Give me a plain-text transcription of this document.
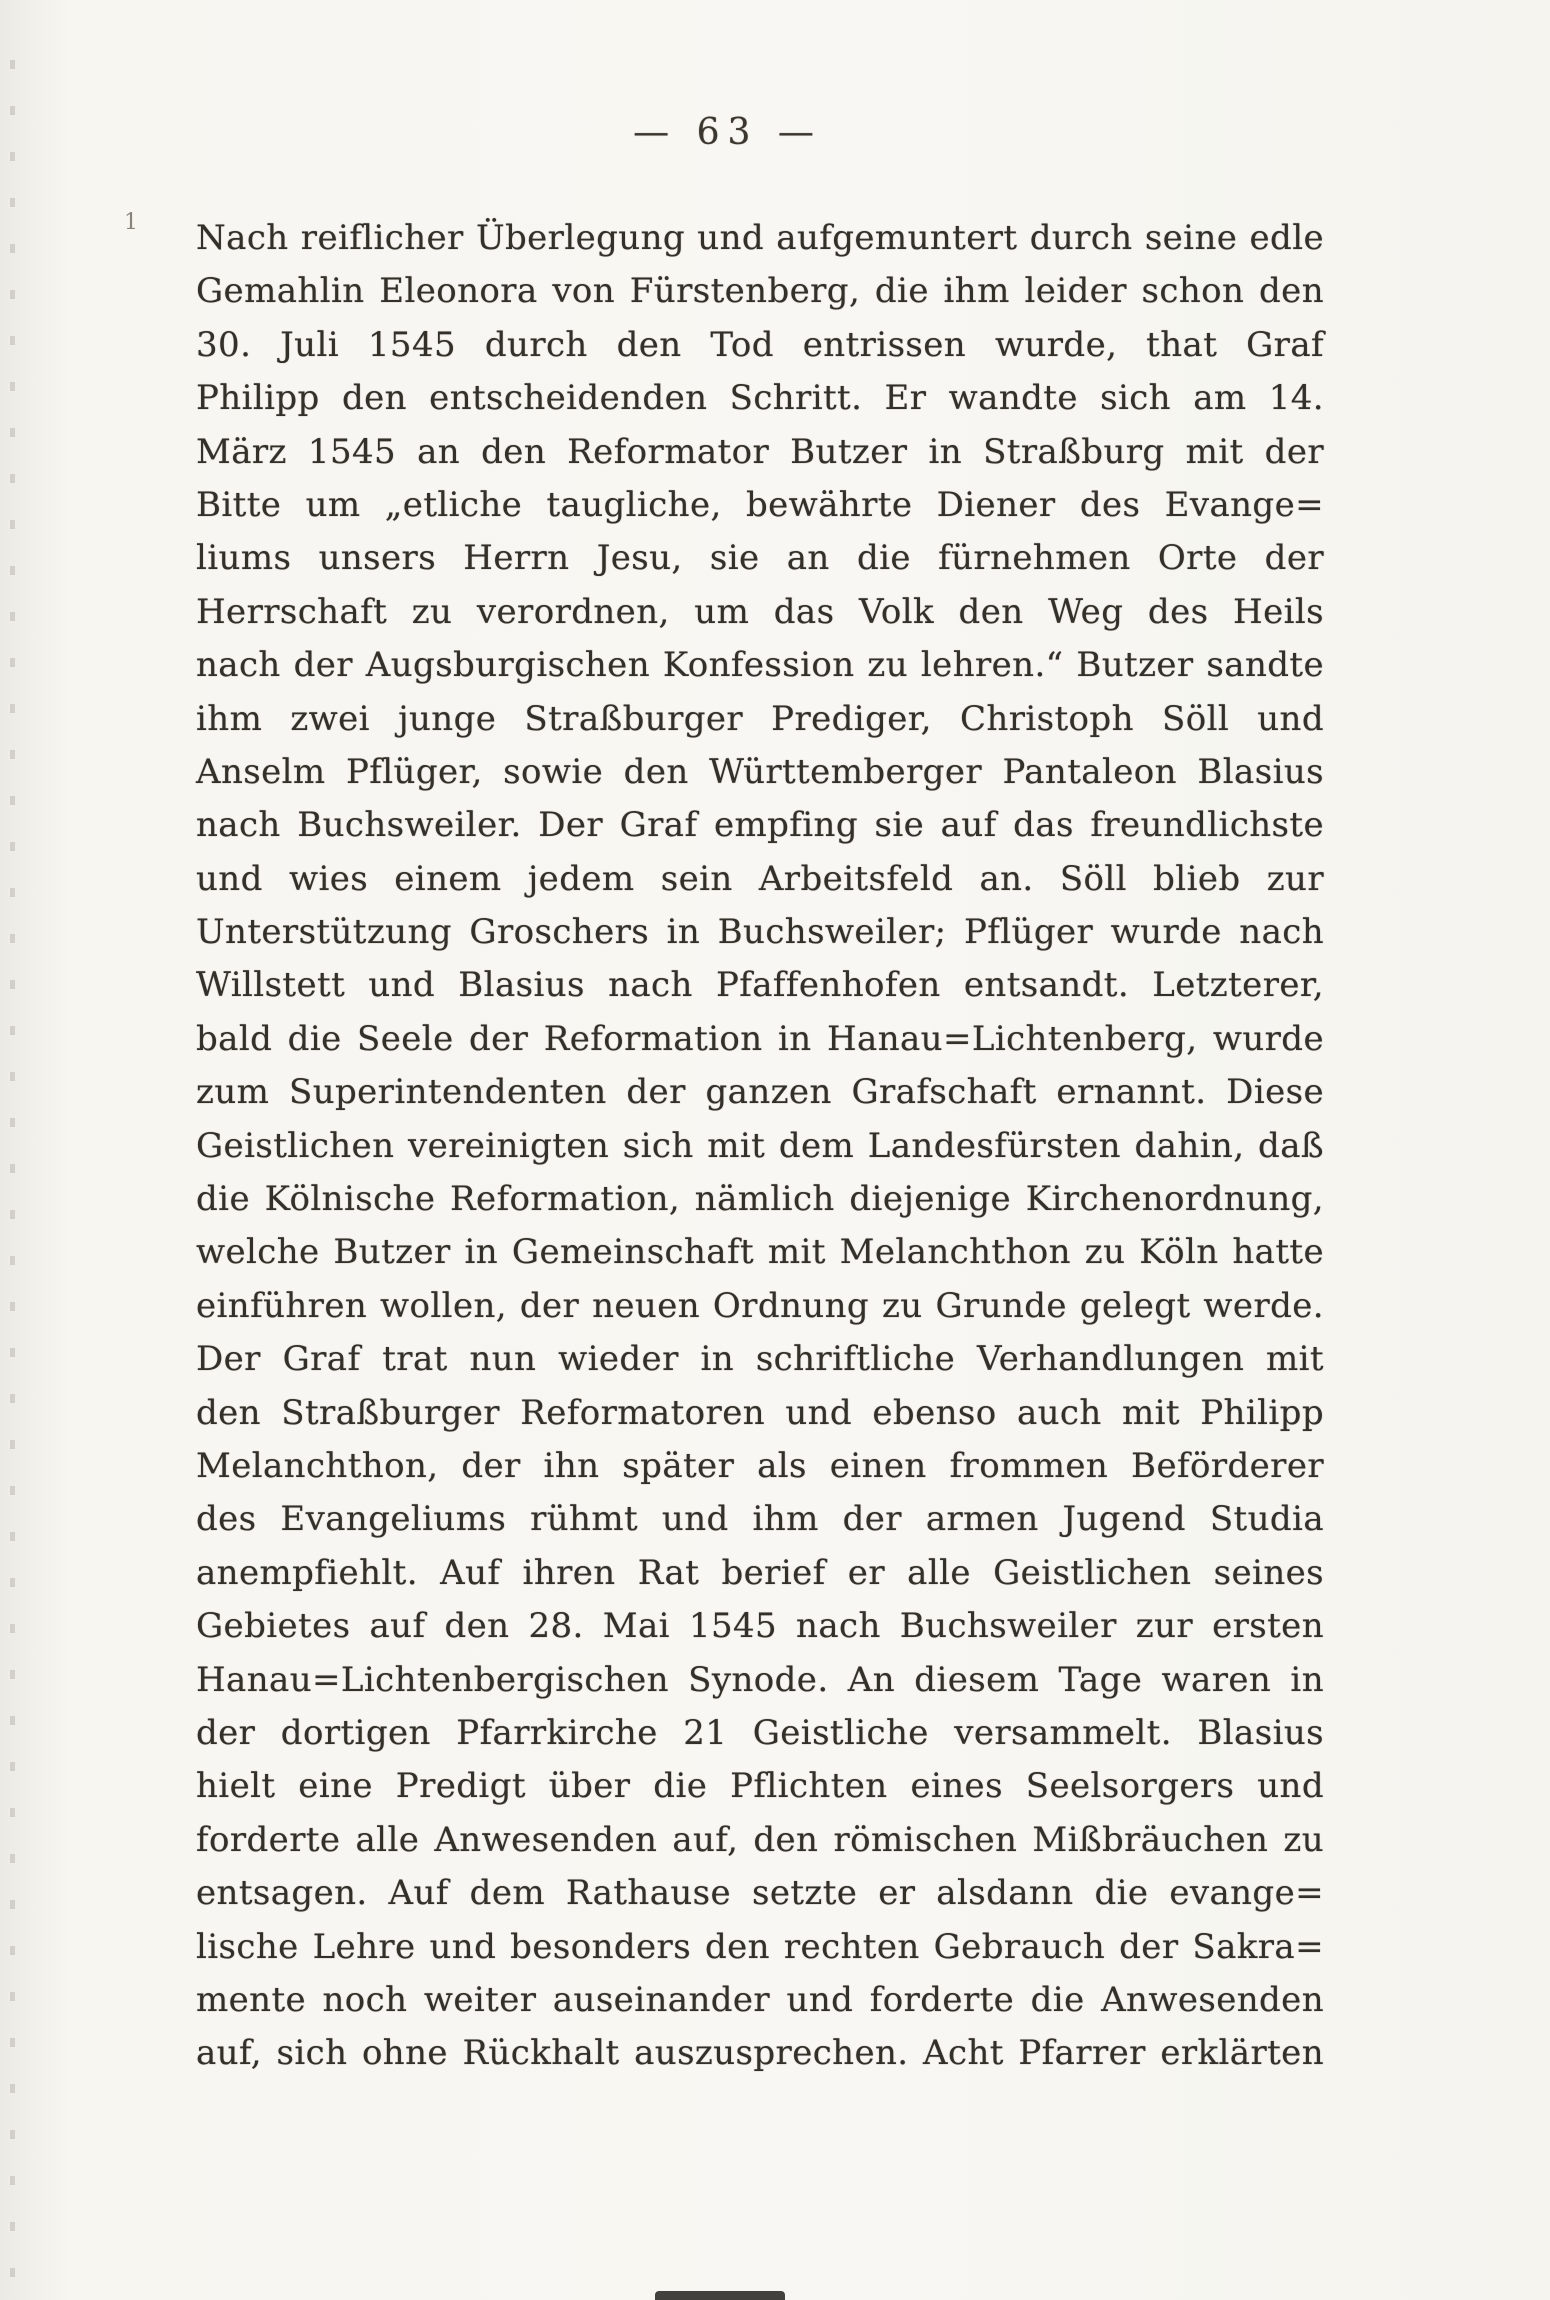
— 63 —
1 Nach reiflicher Überlegung und aufgemuntert durch seine edle
Gemahlin Eleonora von Fürstenberg, die ihm leider schon den
30. Juli 1545 durch den Tod entrissen wurde, that Graf
Philipp den entscheidenden Schritt. Er wandte sich am 14.
März 1545 an den Reformator Butzer in Straßburg mit der
Bitte um „etliche taugliche, bewährte Diener des Evange=
liums unsers Herrn Jesu, sie an die fürnehmen Orte der
Herrschaft zu verordnen, um das Volk den Weg des Heils
nach der Augsburgischen Konfession zu lehren.“ Butzer sandte
ihm zwei junge Straßburger Prediger, Christoph Söll und
Anselm Pflüger, sowie den Württemberger Pantaleon Blasius
nach Buchsweiler. Der Graf empfing sie auf das freundlichste
und wies einem jedem sein Arbeitsfeld an. Söll blieb zur
Unterstützung Groschers in Buchsweiler; Pflüger wurde nach
Willstett und Blasius nach Pfaffenhofen entsandt. Letzterer,
bald die Seele der Reformation in Hanau=Lichtenberg, wurde
zum Superintendenten der ganzen Grafschaft ernannt. Diese
Geistlichen vereinigten sich mit dem Landesfürsten dahin, daß
die Kölnische Reformation, nämlich diejenige Kirchenordnung,
welche Butzer in Gemeinschaft mit Melanchthon zu Köln hatte
einführen wollen, der neuen Ordnung zu Grunde gelegt werde.
Der Graf trat nun wieder in schriftliche Verhandlungen mit
den Straßburger Reformatoren und ebenso auch mit Philipp
Melanchthon, der ihn später als einen frommen Beförderer
des Evangeliums rühmt und ihm der armen Jugend Studia
anempfiehlt. Auf ihren Rat berief er alle Geistlichen seines
Gebietes auf den 28. Mai 1545 nach Buchsweiler zur ersten
Hanau=Lichtenbergischen Synode. An diesem Tage waren in
der dortigen Pfarrkirche 21 Geistliche versammelt. Blasius
hielt eine Predigt über die Pflichten eines Seelsorgers und
forderte alle Anwesenden auf, den römischen Mißbräuchen zu
entsagen. Auf dem Rathause setzte er alsdann die evange=
lische Lehre und besonders den rechten Gebrauch der Sakra=
mente noch weiter auseinander und forderte die Anwesenden
auf, sich ohne Rückhalt auszusprechen. Acht Pfarrer erklärten
